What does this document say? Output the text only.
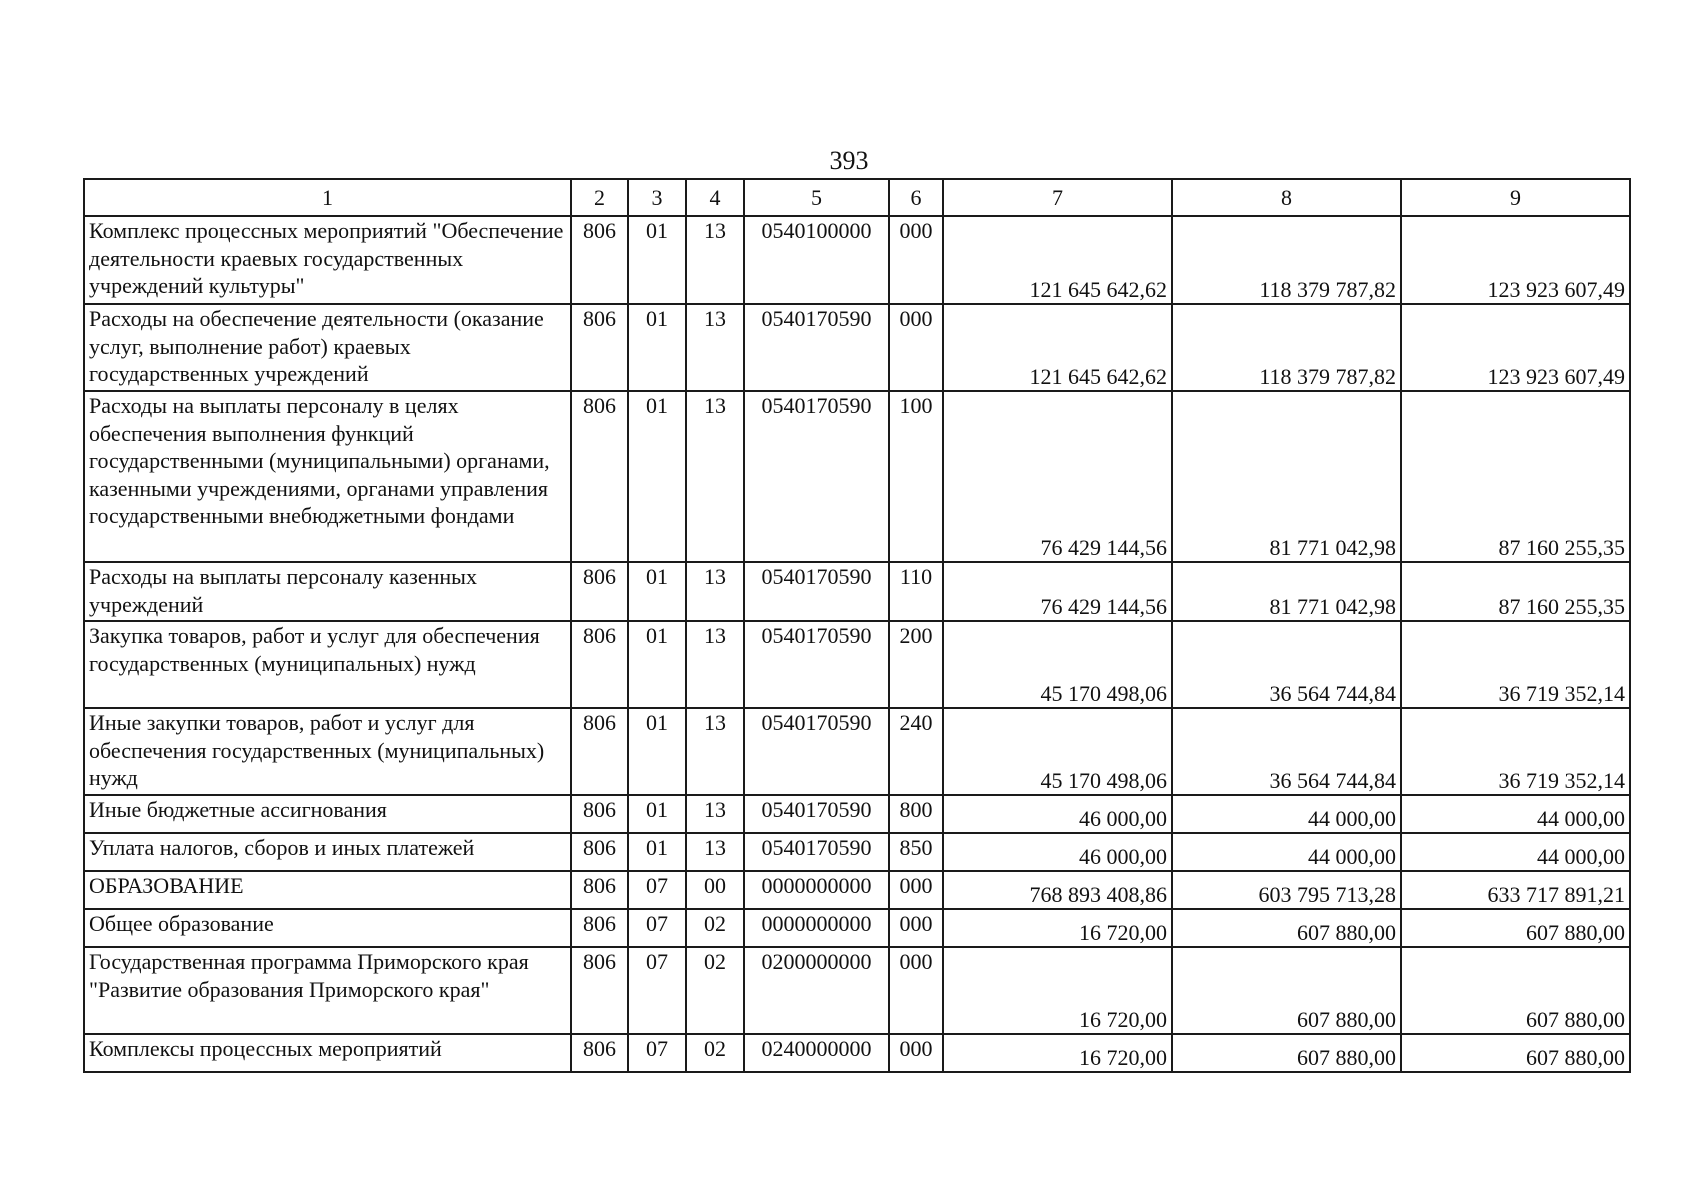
393
1	2	3	4	5	6	7	8	9
Комплекс процессных мероприятий "Обеспечение деятельности краевых государственных учреждений культуры"	806	01	13	0540100000	000	121 645 642,62	118 379 787,82	123 923 607,49
Расходы на обеспечение деятельности (оказание услуг, выполнение работ) краевых государственных учреждений	806	01	13	0540170590	000	121 645 642,62	118 379 787,82	123 923 607,49
Расходы на выплаты персоналу в целях обеспечения выполнения функций государственными (муниципальными) органами, казенными учреждениями, органами управления государственными внебюджетными фондами	806	01	13	0540170590	100	76 429 144,56	81 771 042,98	87 160 255,35
Расходы на выплаты персоналу казенных учреждений	806	01	13	0540170590	110	76 429 144,56	81 771 042,98	87 160 255,35
Закупка товаров, работ и услуг для обеспечения государственных (муниципальных) нужд	806	01	13	0540170590	200	45 170 498,06	36 564 744,84	36 719 352,14
Иные закупки товаров, работ и услуг для обеспечения государственных (муниципальных) нужд	806	01	13	0540170590	240	45 170 498,06	36 564 744,84	36 719 352,14
Иные бюджетные ассигнования	806	01	13	0540170590	800	46 000,00	44 000,00	44 000,00
Уплата налогов, сборов и иных платежей	806	01	13	0540170590	850	46 000,00	44 000,00	44 000,00
ОБРАЗОВАНИЕ	806	07	00	0000000000	000	768 893 408,86	603 795 713,28	633 717 891,21
Общее образование	806	07	02	0000000000	000	16 720,00	607 880,00	607 880,00
Государственная программа Приморского края "Развитие образования Приморского края"	806	07	02	0200000000	000	16 720,00	607 880,00	607 880,00
Комплексы процессных мероприятий	806	07	02	0240000000	000	16 720,00	607 880,00	607 880,00
